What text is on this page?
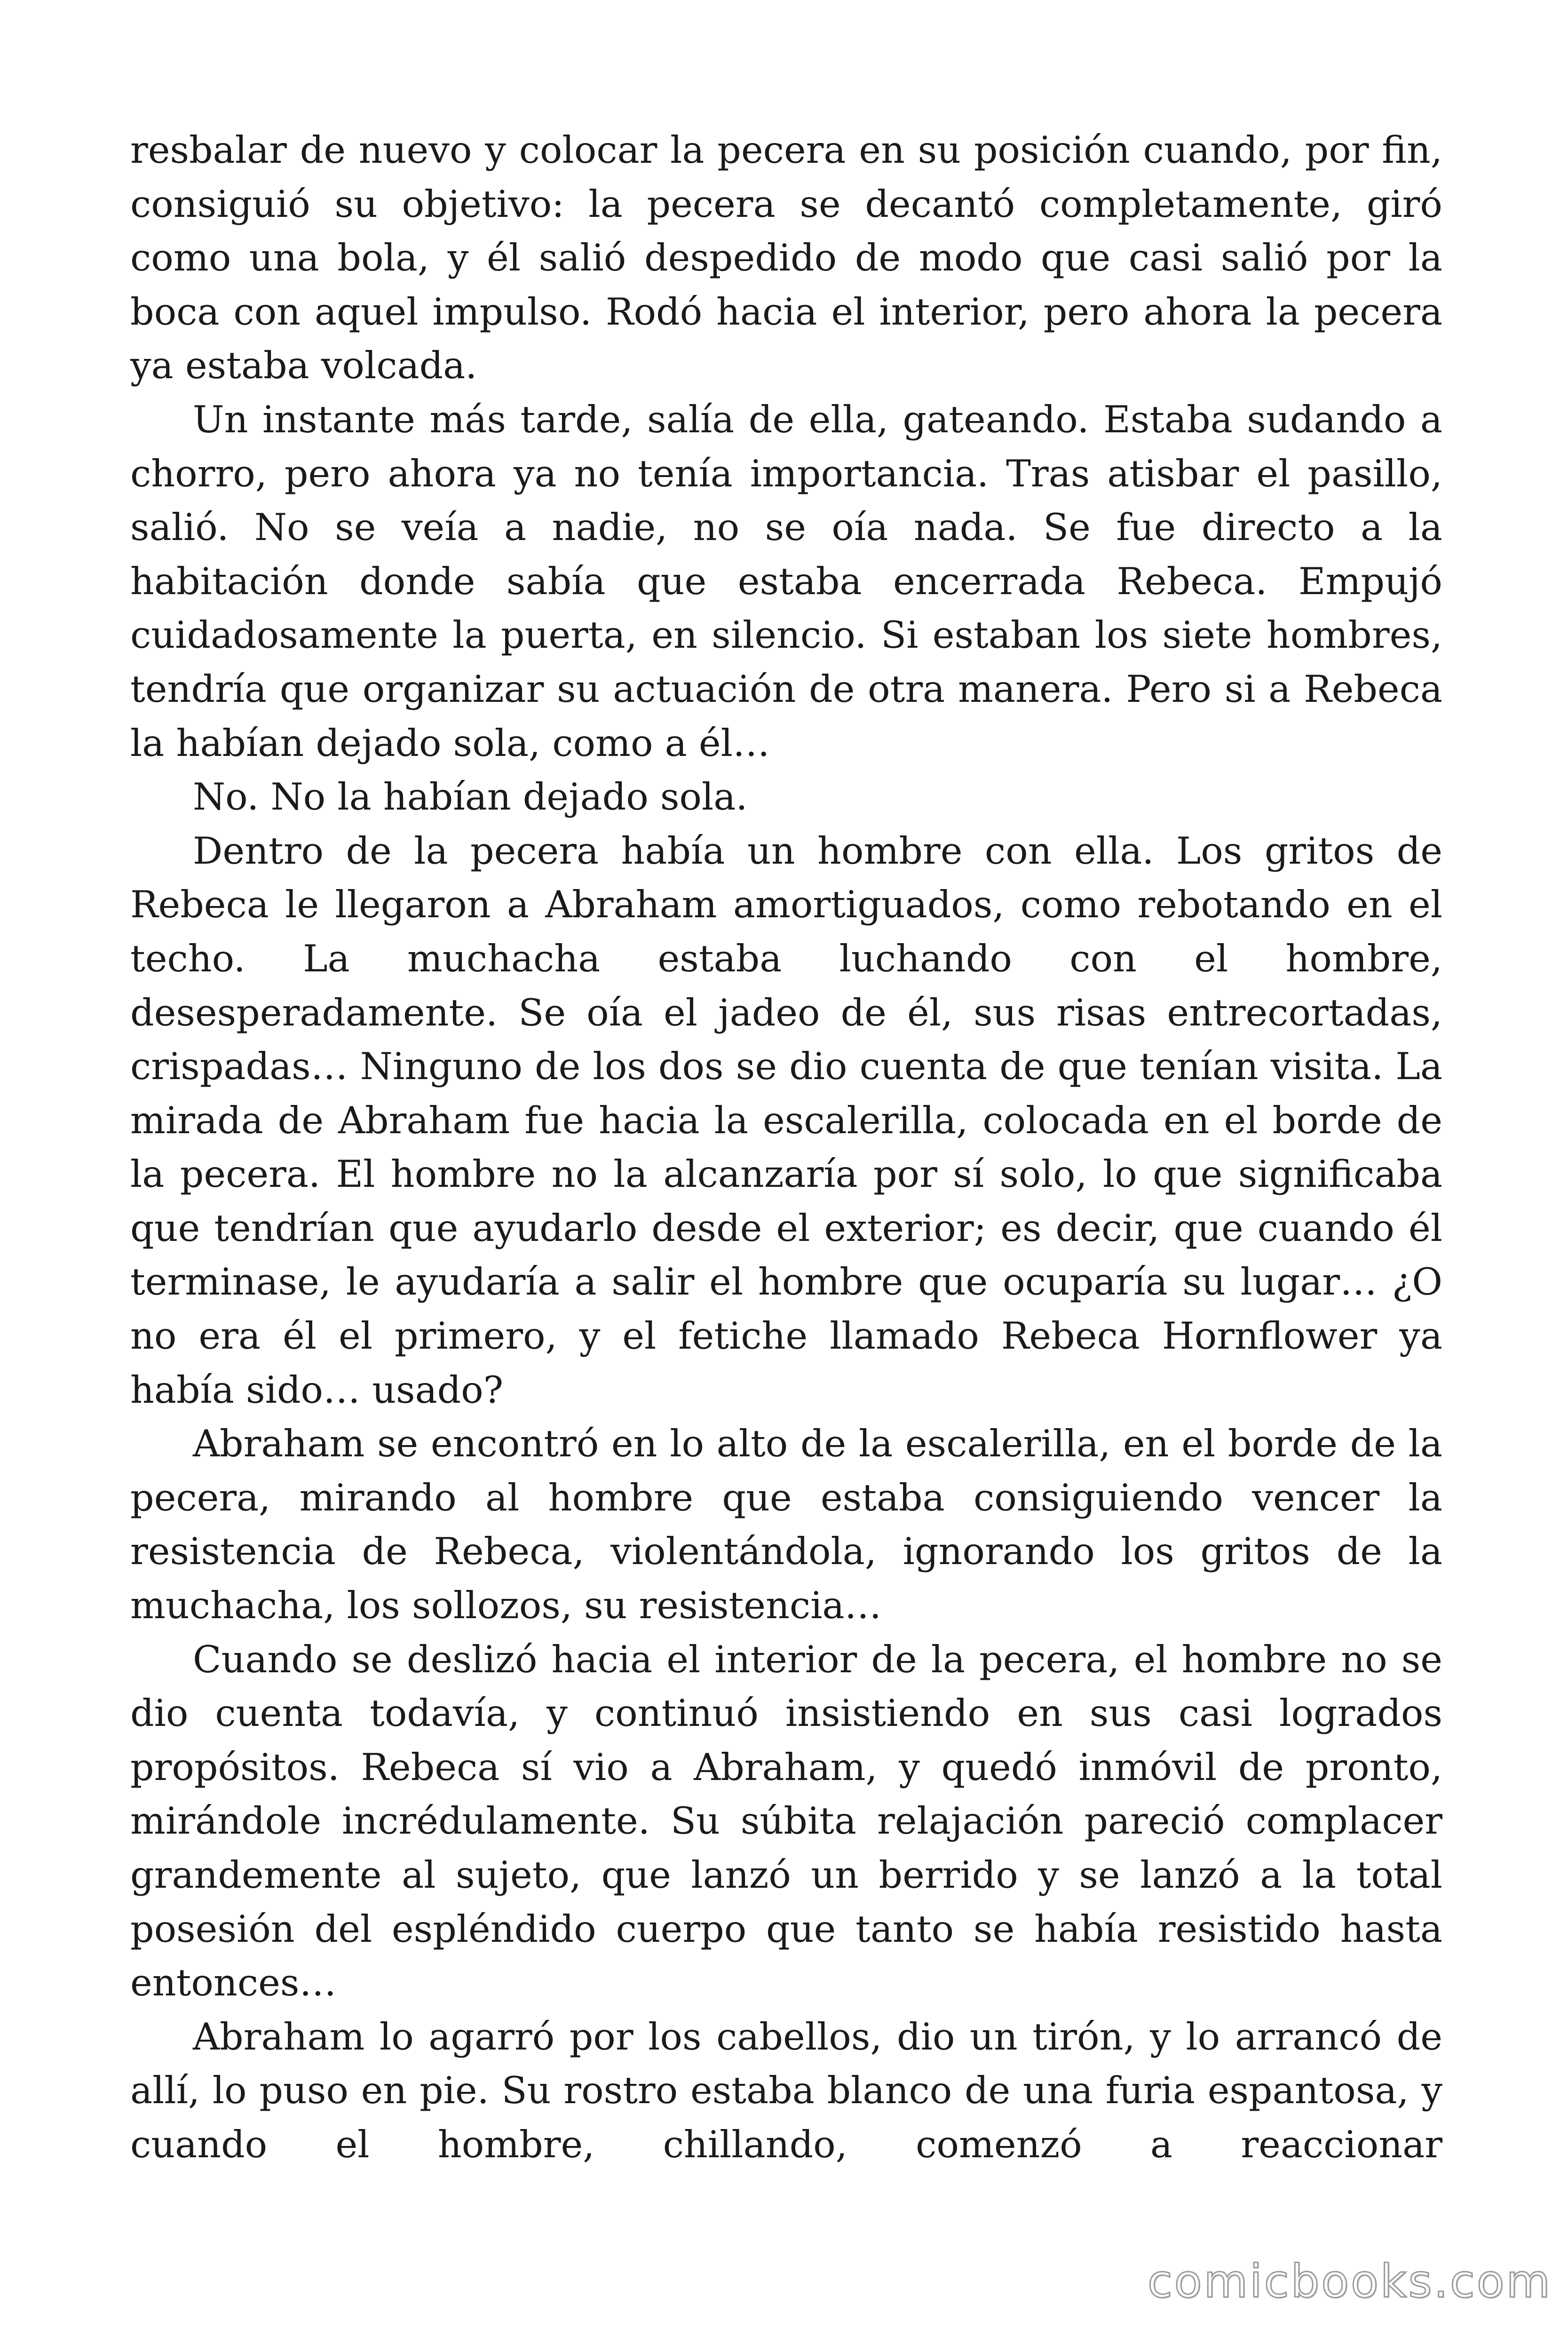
resbalar de nuevo y colocar la pecera en su posición cuando, por fin, consiguió su objetivo: la pecera se decantó completamente, giró como una bola, y él salió despedido de modo que casi salió por la boca con aquel impulso. Rodó hacia el interior, pero ahora la pecera ya estaba volcada.

Un instante más tarde, salía de ella, gateando. Estaba sudando a chorro, pero ahora ya no tenía importancia. Tras atisbar el pasillo, salió. No se veía a nadie, no se oía nada. Se fue directo a la habitación donde sabía que estaba encerrada Rebeca. Empujó cuidadosamente la puerta, en silencio. Si estaban los siete hombres, tendría que organizar su actuación de otra manera. Pero si a Rebeca la habían dejado sola, como a él…

No. No la habían dejado sola.

Dentro de la pecera había un hombre con ella. Los gritos de Rebeca le llegaron a Abraham amortiguados, como rebotando en el techo. La muchacha estaba luchando con el hombre, desesperadamente. Se oía el jadeo de él, sus risas entrecortadas, crispadas… Ninguno de los dos se dio cuenta de que tenían visita. La mirada de Abraham fue hacia la escalerilla, colocada en el borde de la pecera. El hombre no la alcanzaría por sí solo, lo que significaba que tendrían que ayudarlo desde el exterior; es decir, que cuando él terminase, le ayudaría a salir el hombre que ocuparía su lugar… ¿O no era él el primero, y el fetiche llamado Rebeca Hornflower ya había sido… usado?

Abraham se encontró en lo alto de la escalerilla, en el borde de la pecera, mirando al hombre que estaba consiguiendo vencer la resistencia de Rebeca, violentándola, ignorando los gritos de la muchacha, los sollozos, su resistencia…

Cuando se deslizó hacia el interior de la pecera, el hombre no se dio cuenta todavía, y continuó insistiendo en sus casi logrados propósitos. Rebeca sí vio a Abraham, y quedó inmóvil de pronto, mirándole incrédulamente. Su súbita relajación pareció complacer grandemente al sujeto, que lanzó un berrido y se lanzó a la total posesión del espléndido cuerpo que tanto se había resistido hasta entonces…

Abraham lo agarró por los cabellos, dio un tirón, y lo arrancó de allí, lo puso en pie. Su rostro estaba blanco de una furia espantosa, y cuando el hombre, chillando, comenzó a reaccionar

comicbooks.com
